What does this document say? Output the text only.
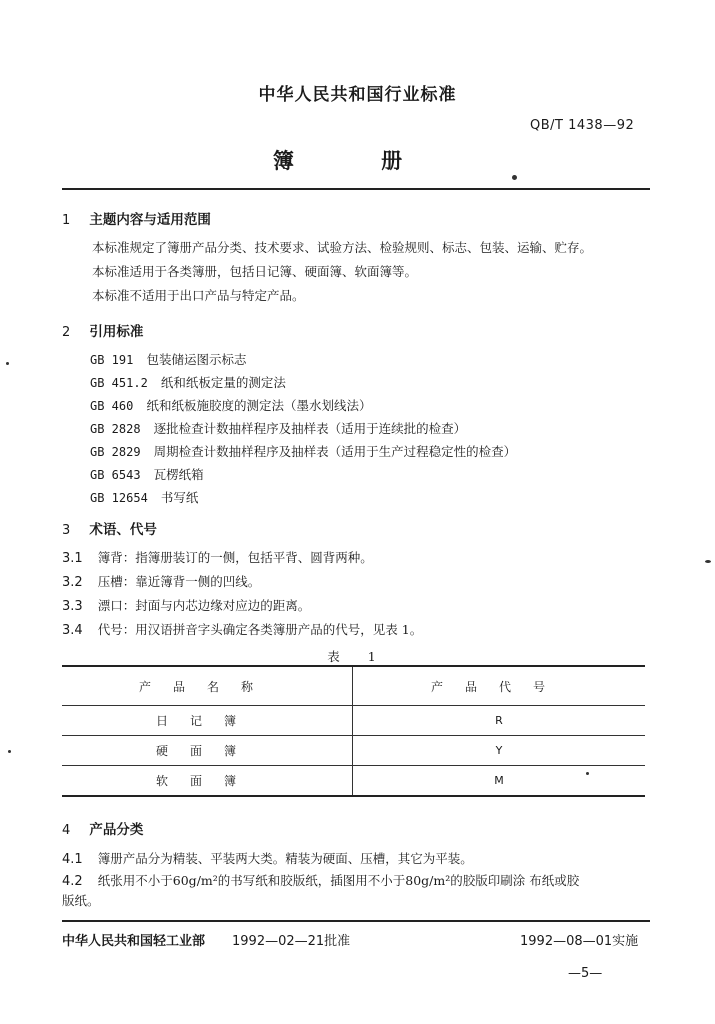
中华人民共和国行业标准
QB/T 1438—92
簿 册
1 主题内容与适用范围
本标准规定了簿册产品分类、技术要求、试验方法、检验规则、标志、包装、运输、贮存。
本标准适用于各类簿册，包括日记簿、硬面簿、软面簿等。
本标准不适用于出口产品与特定产品。
2 引用标准
GB 191 包装储运图示标志
GB 451.2 纸和纸板定量的测定法
GB 460 纸和纸板施胶度的测定法（墨水划线法）
GB 2828 逐批检查计数抽样程序及抽样表（适用于连续批的检查）
GB 2829 周期检查计数抽样程序及抽样表（适用于生产过程稳定性的检查）
GB 6543 瓦楞纸箱
GB 12654 书写纸
3 术语、代号
3.1 簿背：指簿册装订的一侧，包括平背、圆背两种。
3.2 压槽：靠近簿背一侧的凹线。
3.3 漂口：封面与内芯边缘对应边的距离。
3.4 代号：用汉语拼音字头确定各类簿册产品的代号，见表 1。
表 1
产品名称	产品代号
日记簿	R
硬面簿	Y
软面簿	M
4 产品分类
4.1 簿册产品分为精装、平装两大类。精装为硬面、压槽，其它为平装。
4.2 纸张用不小于60g/m²的书写纸和胶版纸，插图用不小于80g/m²的胶版印刷涂 布纸或胶
版纸。
中华人民共和国轻工业部 1992—02—21批准	1992—08—01实施
—5—
